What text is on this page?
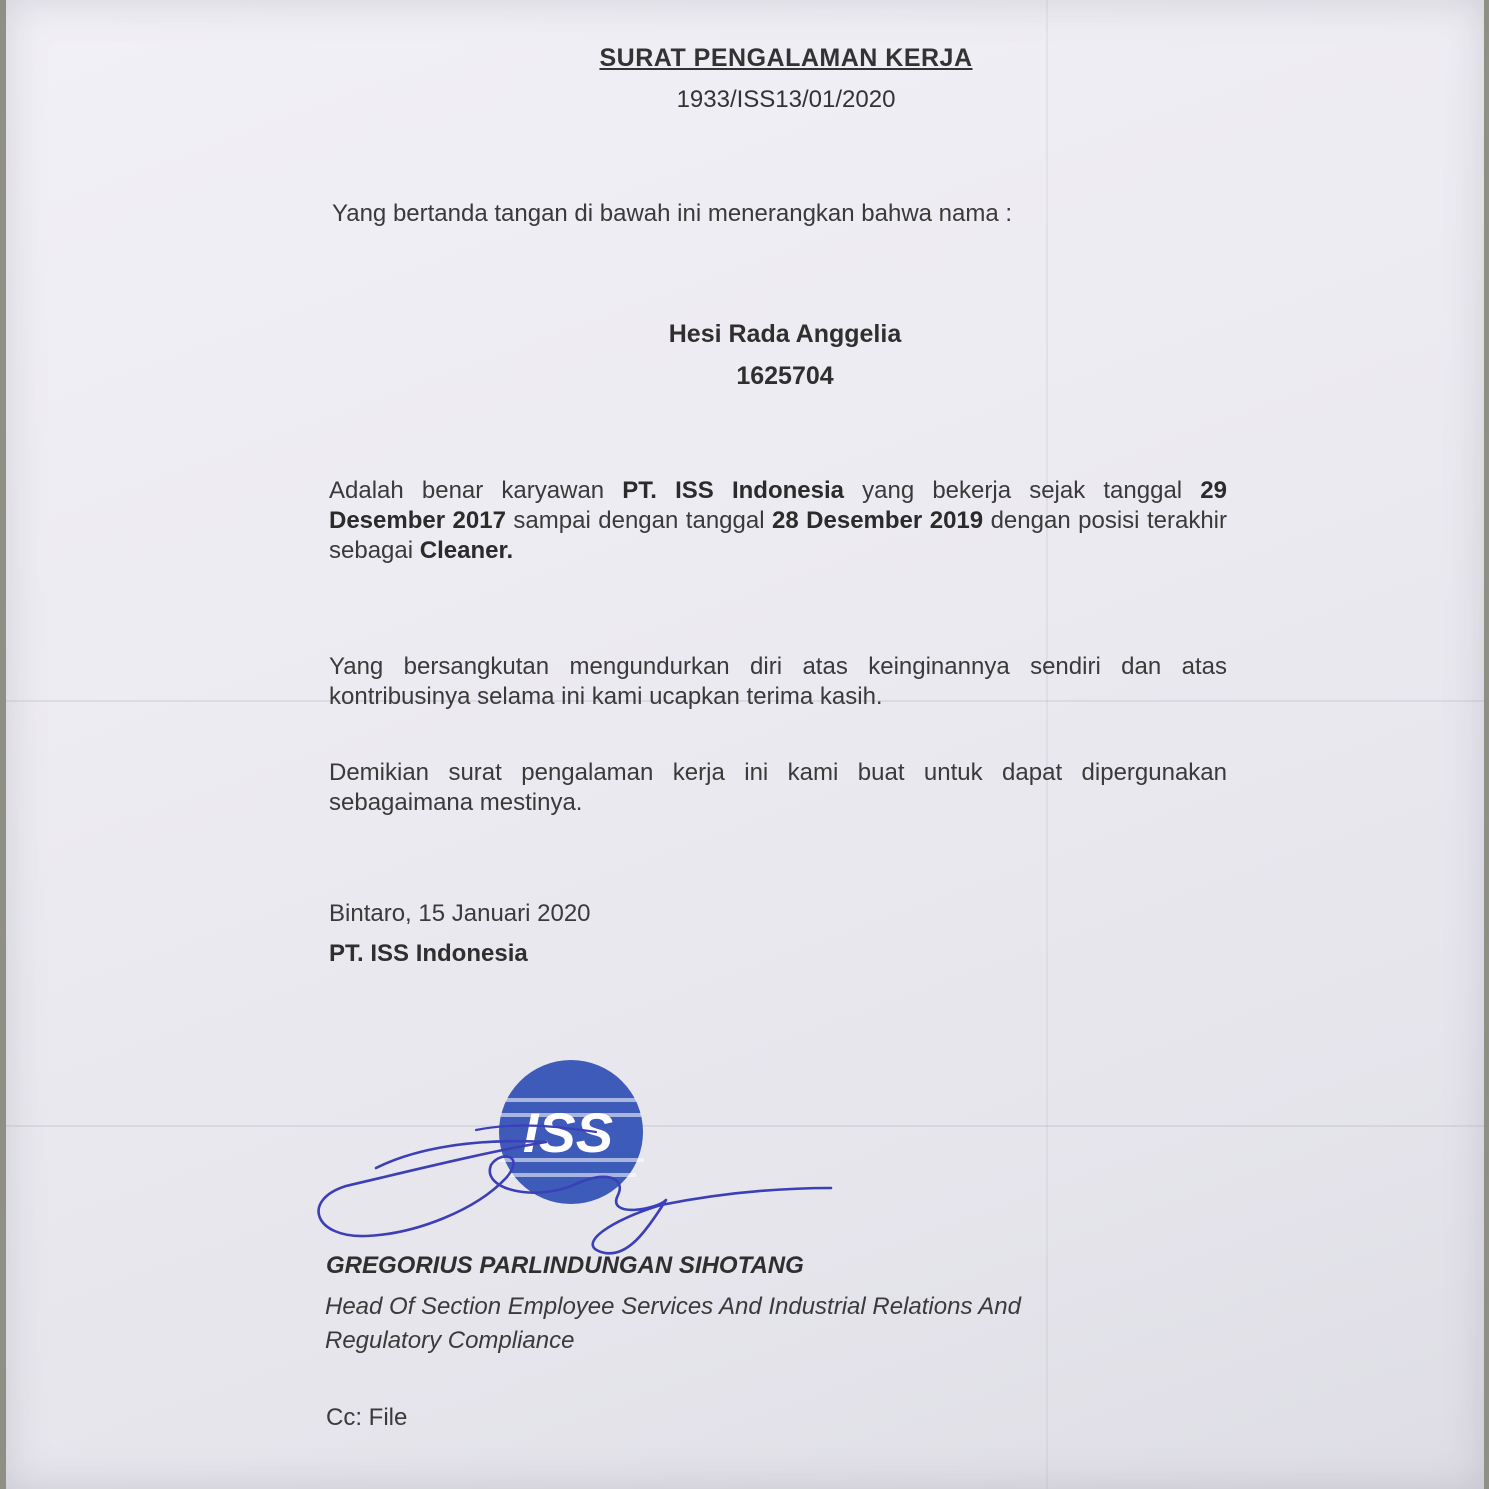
SURAT PENGALAMAN KERJA
1933/ISS13/01/2020
Yang bertanda tangan di bawah ini menerangkan bahwa nama :
Hesi Rada Anggelia
1625704
Adalah benar karyawan PT. ISS Indonesia yang bekerja sejak tanggal 29 Desember 2017 sampai dengan tanggal 28 Desember 2019 dengan posisi terakhir sebagai Cleaner.
Yang bersangkutan mengundurkan diri atas keinginannya sendiri dan atas kontribusinya selama ini kami ucapkan terima kasih.
Demikian surat pengalaman kerja ini kami buat untuk dapat dipergunakan sebagaimana mestinya.
Bintaro, 15 Januari 2020
PT. ISS Indonesia
ISS
GREGORIUS PARLINDUNGAN SIHOTANG
Head Of Section Employee Services And Industrial Relations And Regulatory Compliance
Cc: File
